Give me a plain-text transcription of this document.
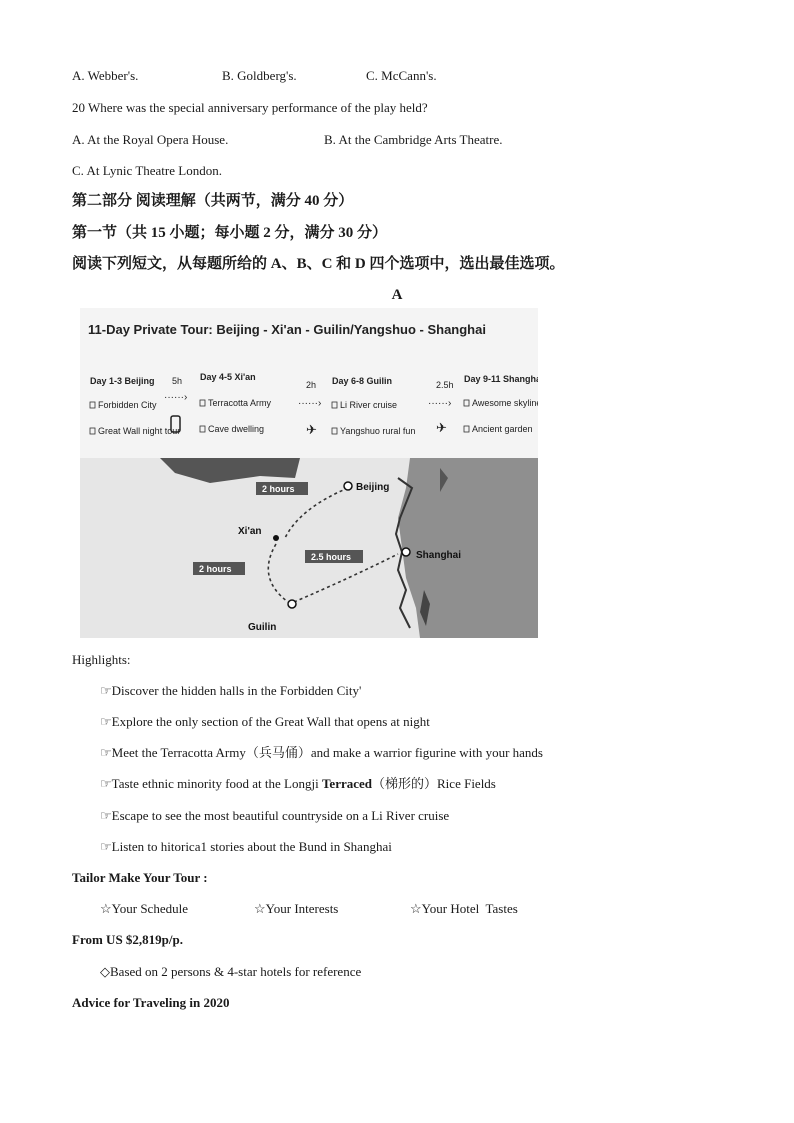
A. Webber's.	B. Goldberg's.	C. McCann's.
20 Where was the special anniversary performance of the play held?
A. At the Royal Opera House.	B. At the Cambridge Arts Theatre.
C. At Lynic Theatre London.
第二部分 阅读理解（共两节，满分 40 分）
第一节（共 15 小题；每小题 2 分，满分 30 分）
阅读下列短文，从每题所给的 A、B、C 和 D 四个选项中，选出最佳选项。
A
11-Day Private Tour: Beijing - Xi'an - Guilin/Yangshuo - Shanghai
Day 1-3 Beijing
Forbidden City
Great Wall night tour
5h
······›
Day 4-5 Xi'an
Terracotta Army
Cave dwelling
2h
······›
✈
Day 6-8 Guilin
Li River cruise
Yangshuo rural fun
2.5h
······›
✈
Day 9-11 Shanghai
Awesome skyline
Ancient garden
2 hours
2 hours
2.5 hours
Beijing
Xi'an
Shanghai
Guilin
Highlights:
☞Discover the hidden halls in the Forbidden City'
☞Explore the only section of the Great Wall that opens at night
☞Meet the Terracotta Army（兵马俑）and make a warrior figurine with your hands
☞Taste ethnic minority food at the Longji Terraced（梯形的）Rice Fields
☞Escape to see the most beautiful countryside on a Li River cruise
☞Listen to hitorica1 stories about the Bund in Shanghai
Tailor Make Your Tour :
☆Your Schedule	☆Your Interests	☆Your Hotel  Tastes
From US $2,819p/p.
◇Based on 2 persons & 4-star hotels for reference
Advice for Traveling in 2020
